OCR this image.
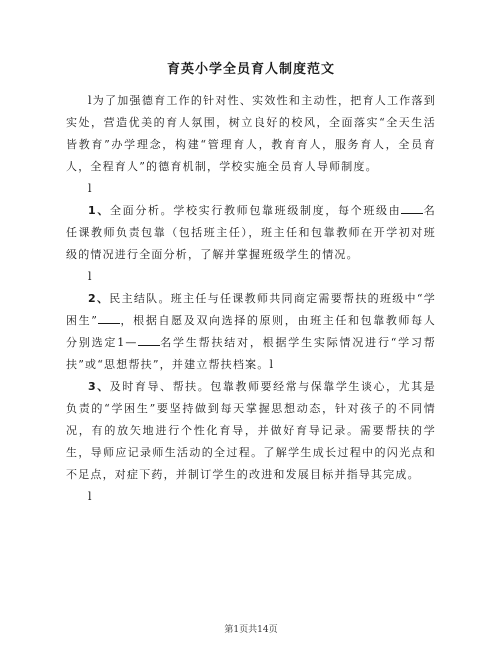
育英小学全员育人制度范文

l为了加强德育工作的针对性、实效性和主动性，把育人工作落到实处，营造优美的育人氛围，树立良好的校风，全面落实“全天生活皆教育”办学理念，构建“管理育人，教育育人，服务育人，全员育人，全程育人”的德育机制，学校实施全员育人导师制度。

l

1、全面分析。学校实行教师包靠班级制度，每个班级由 名任课教师负责包靠（包括班主任），班主任和包靠教师在开学初对班级的情况进行全面分析，了解并掌握班级学生的情况。

l

2、民主结队。班主任与任课教师共同商定需要帮扶的班级中“学困生” ，根据自愿及双向选择的原则，由班主任和包靠教师每人分别选定1— 名学生帮扶结对，根据学生实际情况进行“学习帮扶”或“思想帮扶”，并建立帮扶档案。l

3、及时育导、帮扶。包靠教师要经常与保靠学生谈心，尤其是负责的“学困生”要坚持做到每天掌握思想动态，针对孩子的不同情况，有的放矢地进行个性化育导，并做好育导记录。需要帮扶的学生，导师应记录师生活动的全过程。了解学生成长过程中的闪光点和不足点，对症下药，并制订学生的改进和发展目标并指导其完成。

l

第1页共14页
